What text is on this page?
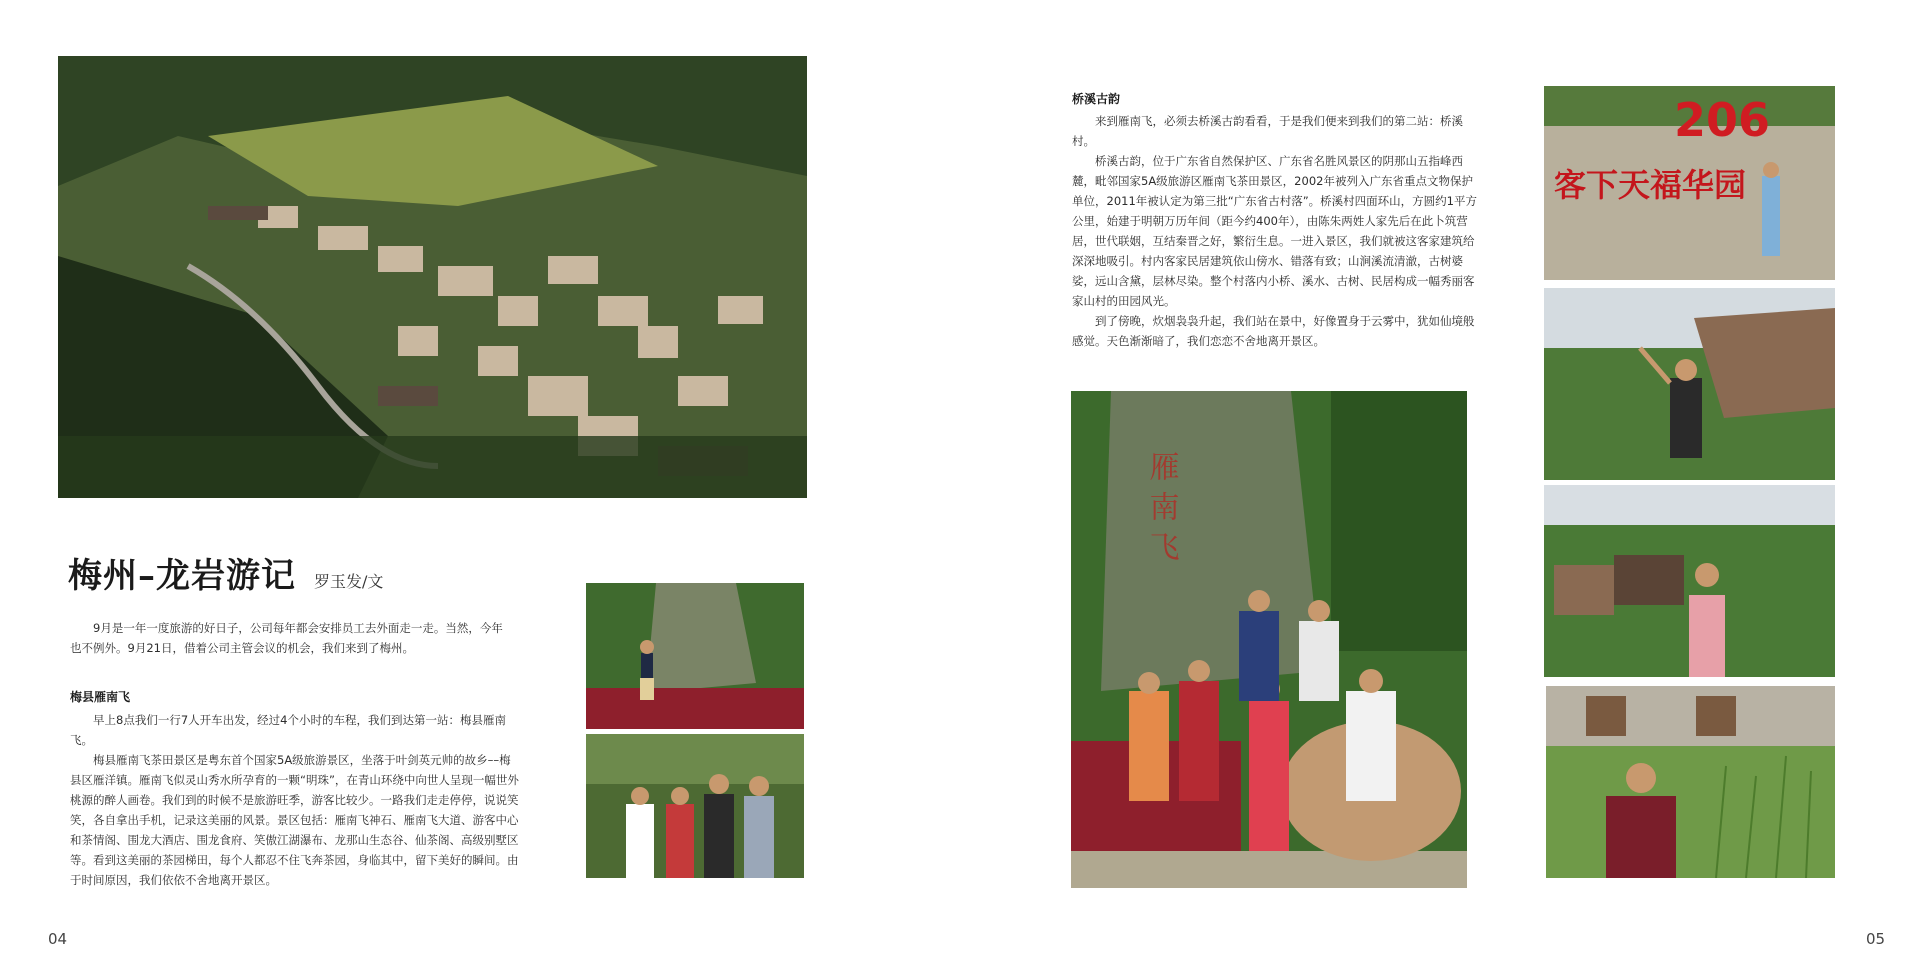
梅州–龙岩游记 罗玉发/文

9月是一年一度旅游的好日子，公司每年都会安排员工去外面走一走。当然，今年也不例外。9月21日，借着公司主管会议的机会，我们来到了梅州。

梅县雁南飞

早上8点我们一行7人开车出发，经过4个小时的车程，我们到达第一站：梅县雁南飞。

梅县雁南飞茶田景区是粤东首个国家5A级旅游景区，坐落于叶剑英元帅的故乡––梅县区雁洋镇。雁南飞似灵山秀水所孕育的一颗“明珠”，在青山环绕中向世人呈现一幅世外桃源的醉人画卷。我们到的时候不是旅游旺季，游客比较少。一路我们走走停停，说说笑笑，各自拿出手机，记录这美丽的风景。景区包括：雁南飞神石、雁南飞大道、游客中心和茶情阁、围龙大酒店、围龙食府、笑傲江湖瀑布、龙那山生态谷、仙茶阁、高级别墅区等。看到这美丽的茶园梯田，每个人都忍不住飞奔茶园，身临其中，留下美好的瞬间。由于时间原因，我们依依不舍地离开景区。

04
桥溪古韵

来到雁南飞，必须去桥溪古韵看看，于是我们便来到我们的第二站：桥溪村。

桥溪古韵，位于广东省自然保护区、广东省名胜风景区的阴那山五指峰西麓，毗邻国家5A级旅游区雁南飞茶田景区，2002年被列入广东省重点文物保护单位，2011年被认定为第三批“广东省古村落”。桥溪村四面环山，方圆约1平方公里，始建于明朝万历年间（距今约400年），由陈朱两姓人家先后在此卜筑营居，世代联姻，互结秦晋之好，繁衍生息。一进入景区，我们就被这客家建筑给深深地吸引。村内客家民居建筑依山傍水、错落有致；山涧溪流清澈，古树婆娑，远山含黛，层林尽染。整个村落内小桥、溪水、古树、民居构成一幅秀丽客家山村的田园风光。

到了傍晚，炊烟袅袅升起，我们站在景中，好像置身于云雾中，犹如仙境般感觉。天色渐渐暗了，我们恋恋不舍地离开景区。

雁南飞
206
客下天福华园
05
